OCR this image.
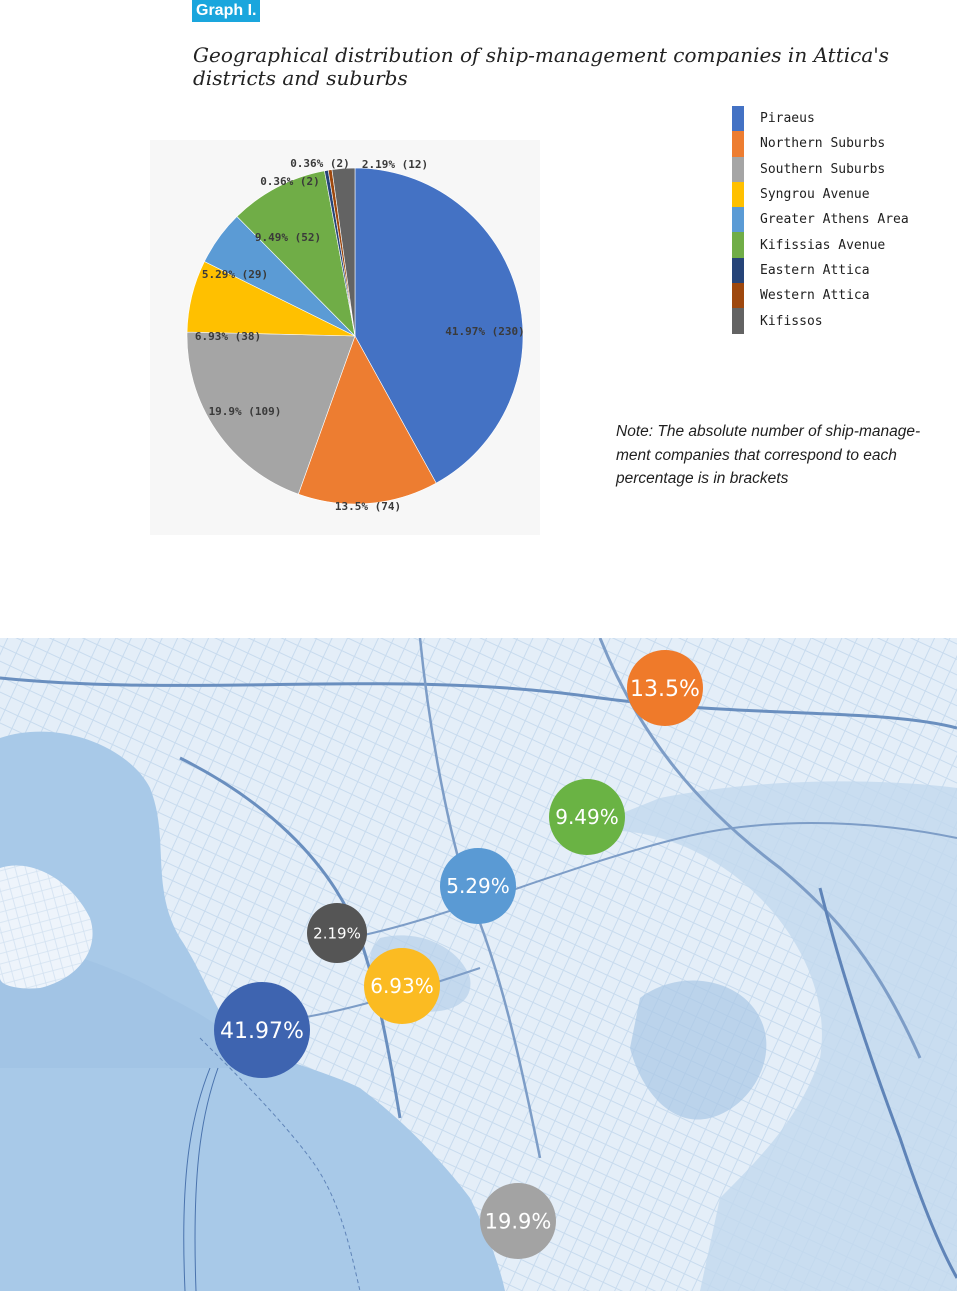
Graph I.
Geographical distribution of ship-management companies in Attica's districts and suburbs
41.97% (230)
13.5% (74)
19.9% (109)
6.93% (38)
5.29% (29)
9.49% (52)
0.36% (2)
0.36% (2) 2.19% (12)
Piraeus
Northern Suburbs
Southern Suburbs
Syngrou Avenue
Greater Athens Area
Kifissias Avenue
Eastern Attica
Western Attica
Kifissos

Note: The absolute number of ship-manage-ment companies that correspond to each percentage is in brackets

13.5%
9.49%
5.29%
2.19%
6.93%
41.97%
19.9%
